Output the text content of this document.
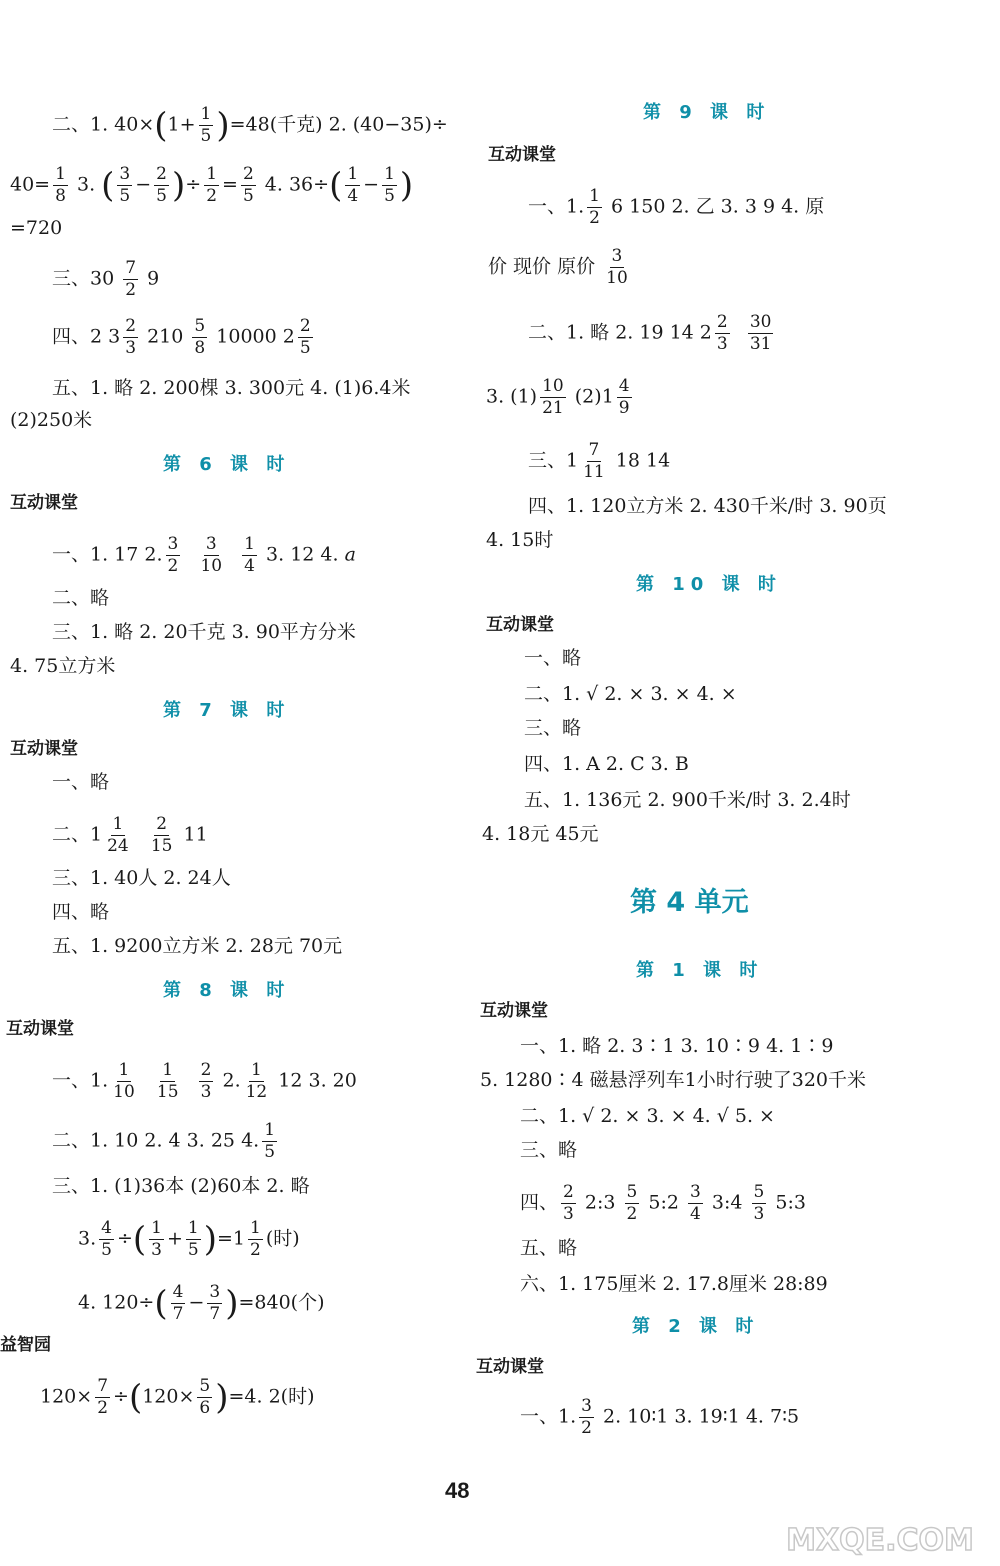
二、1. $40\times(1+ \frac{1}{5} )=48$(千克) 2. (40−35)÷
$40= \frac{1}{8} 3$. ( $\frac{3}{5} - \frac{2}{5}$ )÷ $\frac{1}{2} = \frac{2}{5} 4$. $36\div( \frac{1}{4} - \frac{1}{5}$ )
=720
三、$30 \frac{7}{2} 9$
四、2 $3 \frac{2}{3} 210 \frac{5}{8} 10000$ $2 \frac{2}{5}$
五、1. 略 2. 200棵 3. 300元 4. (1)6.4米
(2)250米
第 6 课 时
互动课堂
一、1. 17 2. $\frac{3}{2}$
$\frac{3}{10}$
$\frac{1}{4} 3$. 12 4. a
二、略
三、1. 略 2. 20千克 3. 90平方分米
4. 75立方米
第 7 课 时
互动课堂
一、略
二、$1 \frac{1}{24}$
$\frac{2}{15} 11$
三、1. 40人 2. 24人
四、略
五、1. 9200立方米 2. 28元 70元
第 8 课 时
互动课堂
一、1. $\frac{1}{10}$
$\frac{1}{15}$
$\frac{2}{3} 2$. $\frac{1}{12} 12$ 3. 20
二、1. 10 2. 4 3. 25 4. $\frac{1}{5}$
三、1. (1)36本 (2)60本 2. 略
3. $\frac{4}{5}$ ÷( $\frac{1}{3} + \frac{1}{5} )=1 \frac{1}{2}$ (时)
4. $120\div( \frac{4}{7} - \frac{3}{7} )=840$(个)
益智园
$120\times \frac{7}{2} \div(120\times \frac{5}{6} )=4$. 2(时)
第 9 课 时
互动课堂
一、1. $\frac{1}{2} 6$ 150 2. 乙 3. 3 9 4. 原
价 现价 原价 $\frac{3}{10}$
二、1. 略 2. 19 14 $2 \frac{2}{3}$
$\frac{30}{31}$
3. $(1) \frac{10}{21} (2)1 \frac{4}{9}$
三、$1 \frac{7}{11} 18$ 14
四、1. 120立方米 2. 430千米/时 3. 90页
4. 15时
第 10 课 时
互动课堂
一、略
二、1. √ 2. × 3. × 4. ×
三、略
四、1. A 2. C 3. B
五、1. 136元 2. 900千米/时 3. 2.4时
4. 18元 45元
第 4 单元
第 1 课 时
互动课堂
一、1. 略 2. 3∶1 3. 10∶9 4. 1∶9
5. 1280∶4 磁悬浮列车1小时行驶了320千米
二、1. √ 2. × 3. × 4. √ 5. ×
三、略
四、 $\frac{2}{3}$ 2:3 $\frac{5}{2}$ 5:2 $\frac{3}{4}$ 3:4 $\frac{5}{3}$ 5:3
五、略
六、1. 175厘米 2. 17.8厘米 28:89
第 2 课 时
互动课堂
一、1. $\frac{3}{2} 2$. 10∶1 3. 19∶1 4. 7∶5
48
MXQE.COM
